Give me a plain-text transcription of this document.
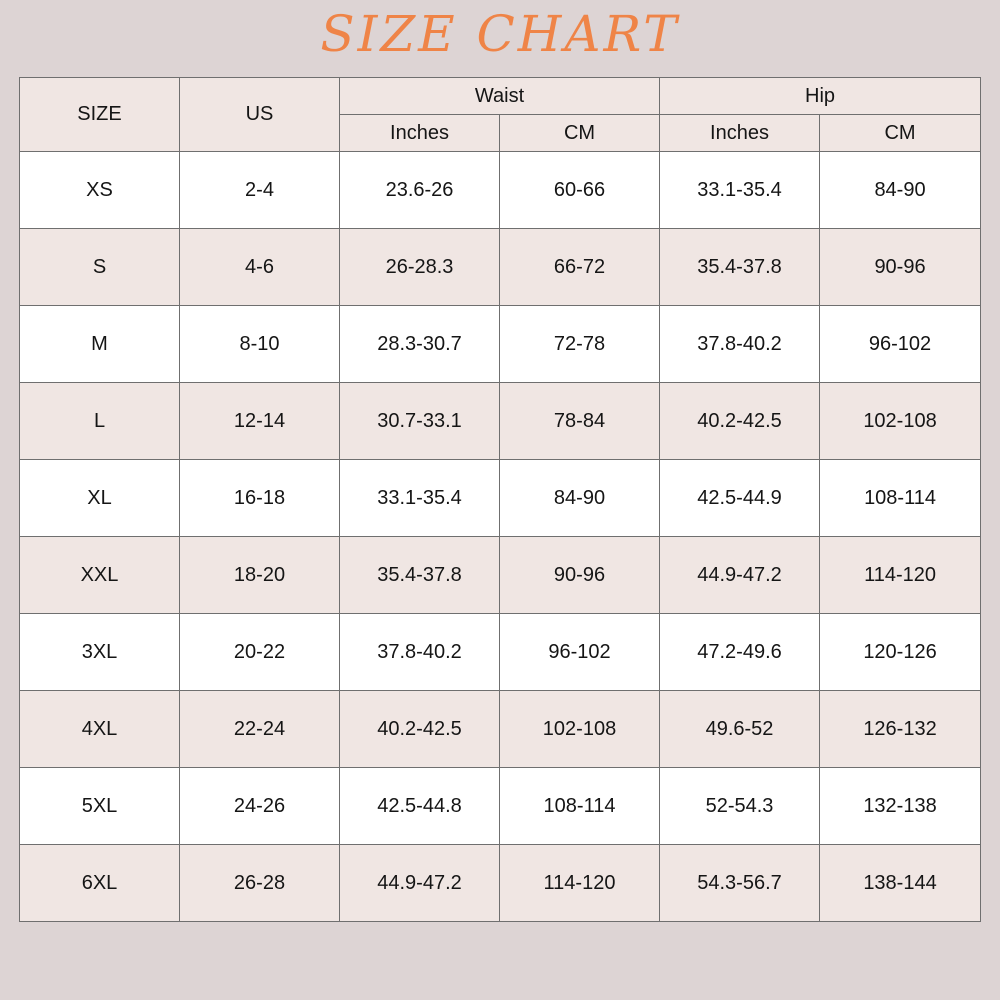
SIZE CHART
SIZE	US	Waist		Hip	
		Inches	CM	Inches	CM
XS	2-4	23.6-26	60-66	33.1-35.4	84-90
S	4-6	26-28.3	66-72	35.4-37.8	90-96
M	8-10	28.3-30.7	72-78	37.8-40.2	96-102
L	12-14	30.7-33.1	78-84	40.2-42.5	102-108
XL	16-18	33.1-35.4	84-90	42.5-44.9	108-114
XXL	18-20	35.4-37.8	90-96	44.9-47.2	114-120
3XL	20-22	37.8-40.2	96-102	47.2-49.6	120-126
4XL	22-24	40.2-42.5	102-108	49.6-52	126-132
5XL	24-26	42.5-44.8	108-114	52-54.3	132-138
6XL	26-28	44.9-47.2	114-120	54.3-56.7	138-144
